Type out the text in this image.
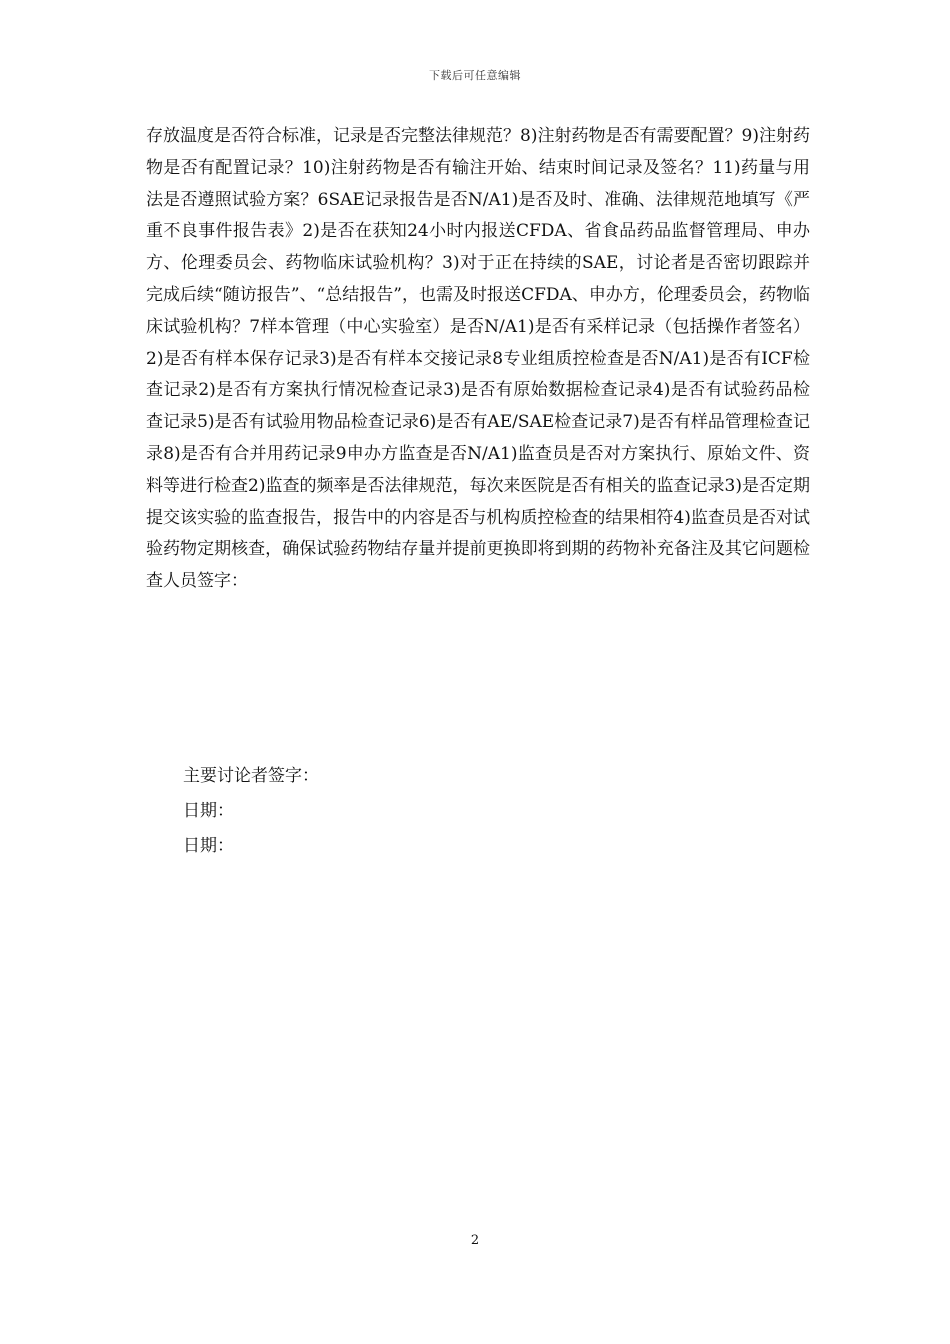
下载后可任意编辑

存放温度是否符合标准，记录是否完整法律规范？8)注射药物是否有需要配置？9)注射药物是否有配置记录？10)注射药物是否有输注开始、结束时间记录及签名？11)药量与用法是否遵照试验方案？6SAE记录报告是否N/A1)是否及时、准确、法律规范地填写《严重不良事件报告表》2)是否在获知24小时内报送CFDA、省食品药品监督管理局、申办方、伦理委员会、药物临床试验机构？3)对于正在持续的SAE，讨论者是否密切跟踪并完成后续“随访报告”、“总结报告”，也需及时报送CFDA、申办方，伦理委员会，药物临床试验机构？7样本管理（中心实验室）是否N/A1)是否有采样记录（包括操作者签名）2)是否有样本保存记录3)是否有样本交接记录8专业组质控检查是否N/A1)是否有ICF检查记录2)是否有方案执行情况检查记录3)是否有原始数据检查记录4)是否有试验药品检查记录5)是否有试验用物品检查记录6)是否有AE/SAE检查记录7)是否有样品管理检查记录8)是否有合并用药记录9申办方监查是否N/A1)监查员是否对方案执行、原始文件、资料等进行检查2)监查的频率是否法律规范，每次来医院是否有相关的监查记录3)是否定期提交该实验的监查报告，报告中的内容是否与机构质控检查的结果相符4)监查员是否对试验药物定期核查，确保试验药物结存量并提前更换即将到期的药物补充备注及其它问题检查人员签字：

主要讨论者签字：

日期：

日期：

2
